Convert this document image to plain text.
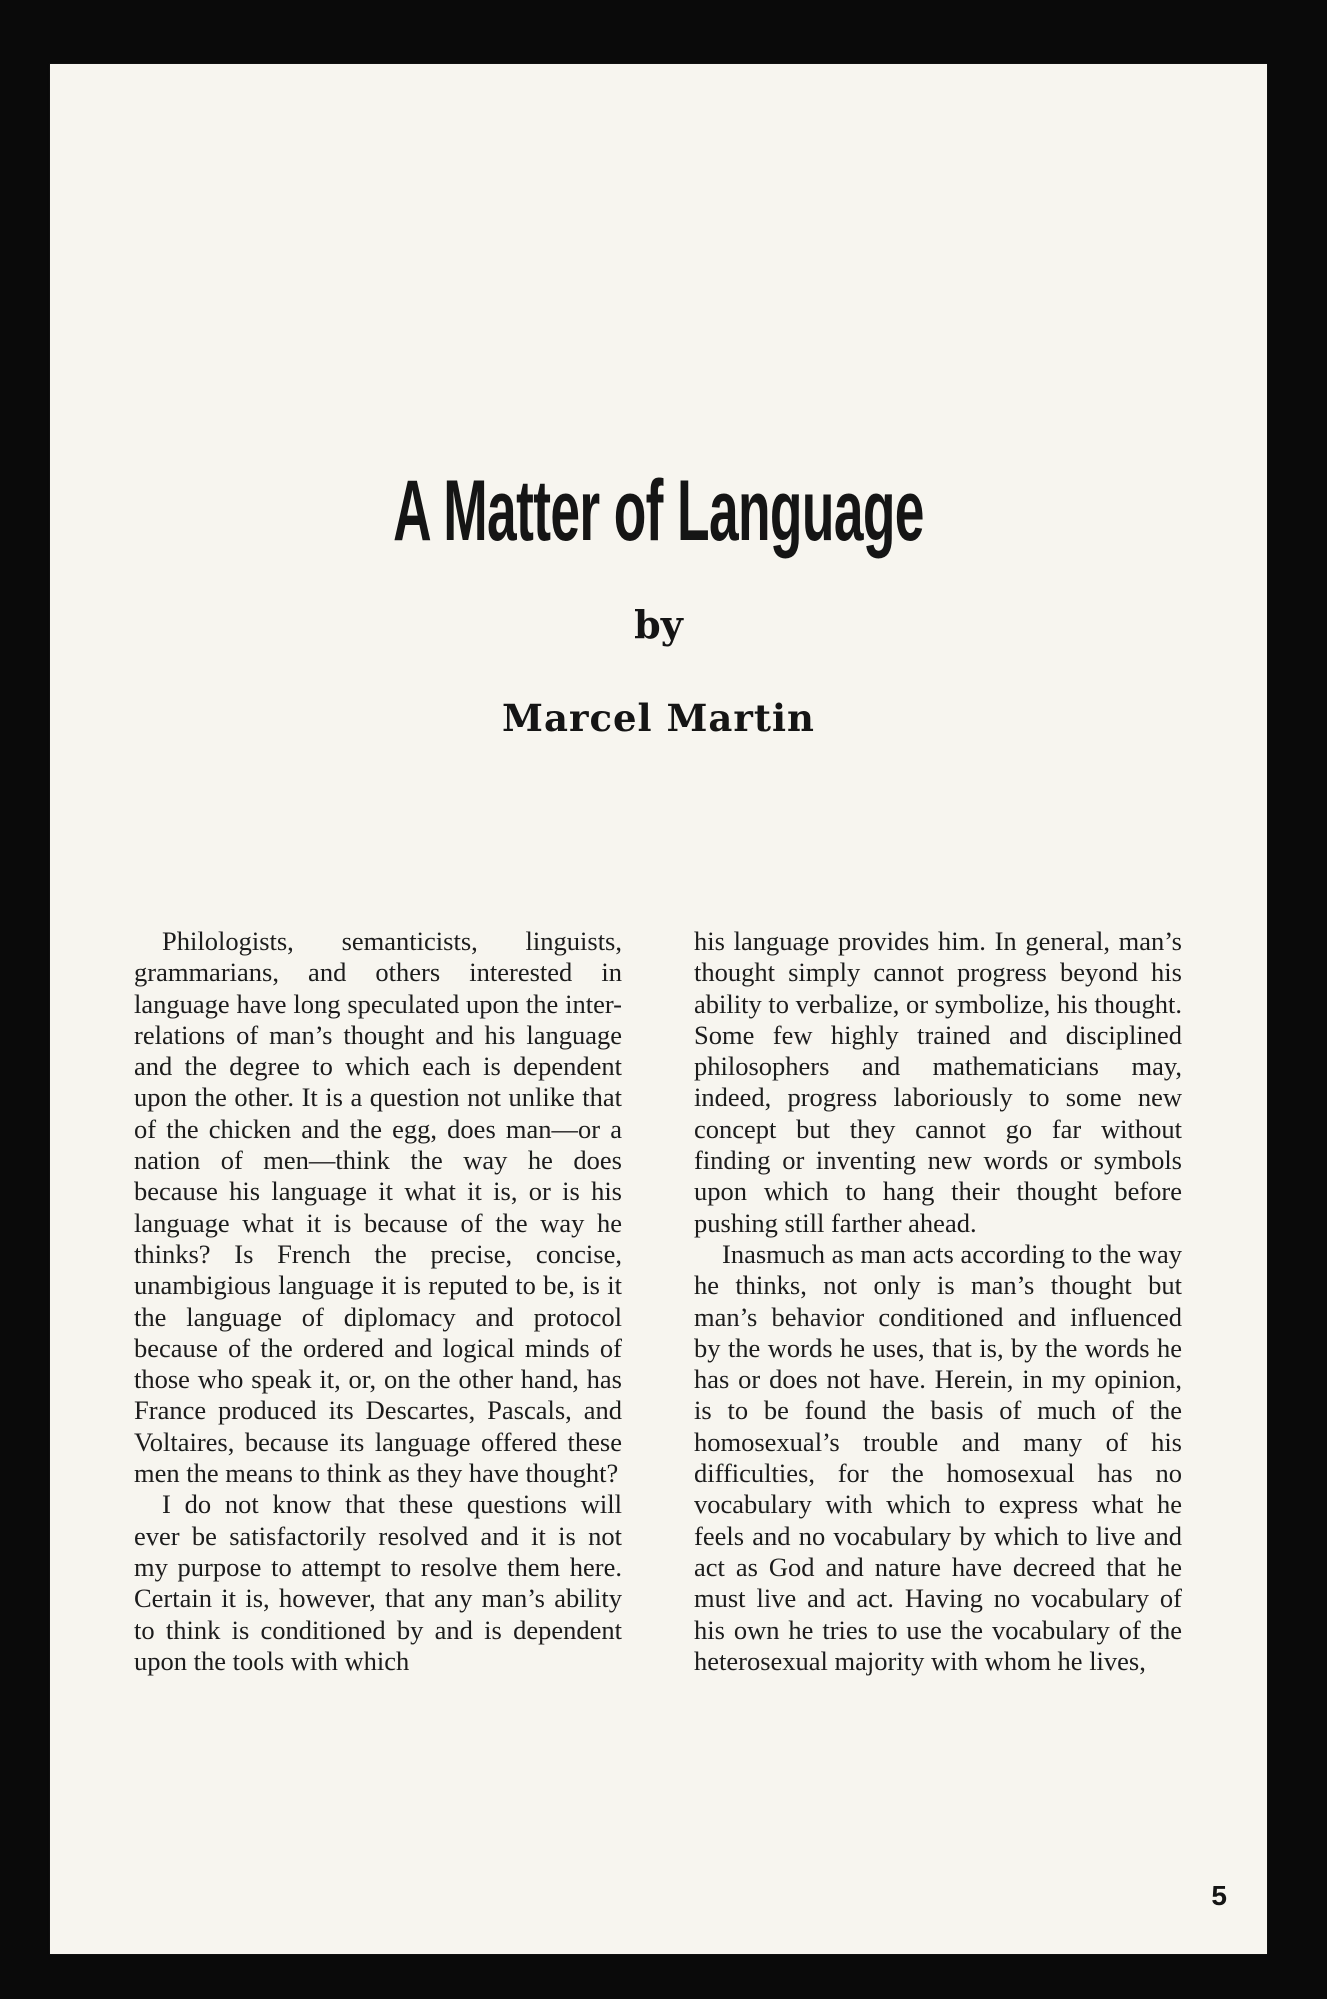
A Matter of Language
by
Marcel Martin

Philologists, semanticists, linguists, grammarians, and others interested in language have long speculated upon the inter-relations of man’s thought and his language and the degree to which each is dependent upon the other. It is a question not unlike that of the chicken and the egg, does man—or a nation of men—think the way he does because his language it what it is, or is his language what it is because of the way he thinks? Is French the precise, concise, unambigious language it is reputed to be, is it the language of diplomacy and protocol because of the ordered and logical minds of those who speak it, or, on the other hand, has France produced its Descartes, Pascals, and Voltaires, because its language offered these men the means to think as they have thought?

I do not know that these questions will ever be satisfactorily resolved and it is not my purpose to attempt to resolve them here. Certain it is, however, that any man’s ability to think is conditioned by and is dependent upon the tools with which

his language provides him. In general, man’s thought simply cannot progress beyond his ability to verbalize, or symbolize, his thought. Some few highly trained and disciplined philosophers and mathematicians may, indeed, progress laboriously to some new concept but they cannot go far without finding or inventing new words or symbols upon which to hang their thought before pushing still farther ahead.

Inasmuch as man acts according to the way he thinks, not only is man’s thought but man’s behavior conditioned and influenced by the words he uses, that is, by the words he has or does not have. Herein, in my opinion, is to be found the basis of much of the homosexual’s trouble and many of his difficulties, for the homosexual has no vocabulary with which to express what he feels and no vocabulary by which to live and act as God and nature have decreed that he must live and act. Having no vocabulary of his own he tries to use the vocabulary of the heterosexual majority with whom he lives,

5
